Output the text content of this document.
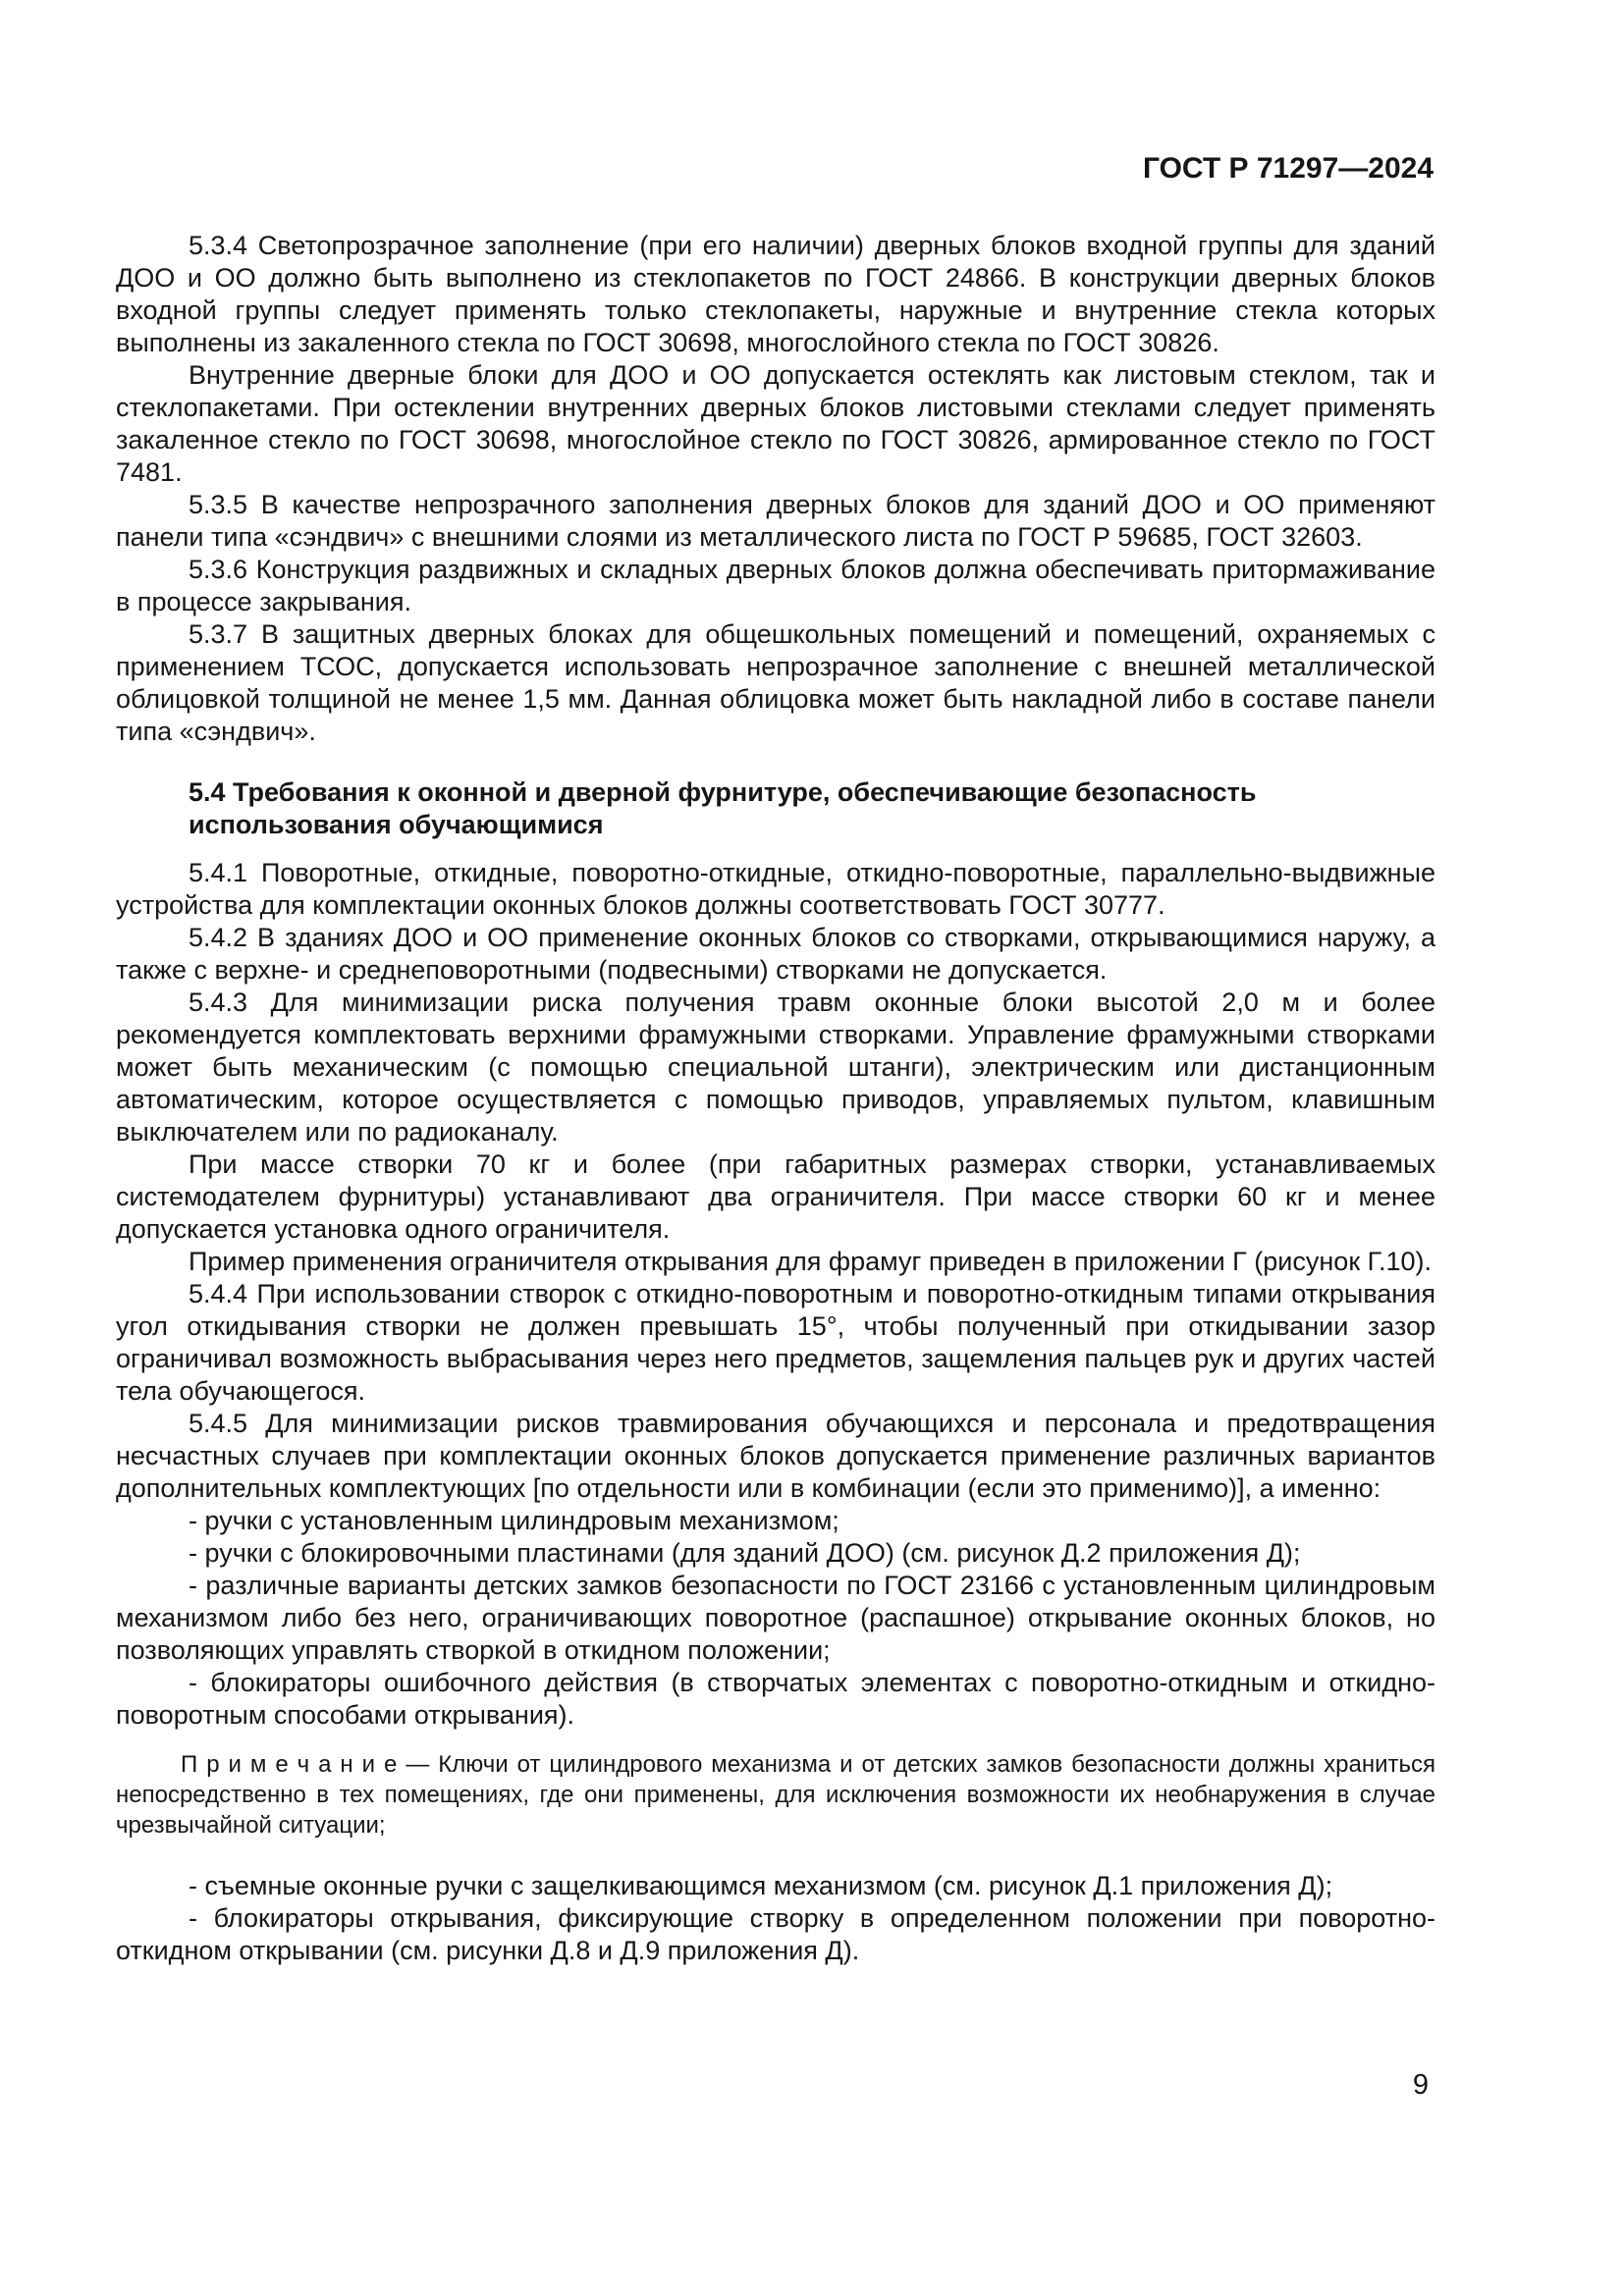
ГОСТ Р 71297—2024

5.3.4 Светопрозрачное заполнение (при его наличии) дверных блоков входной группы для зданий ДОО и ОО должно быть выполнено из стеклопакетов по ГОСТ 24866. В конструкции дверных блоков входной группы следует применять только стеклопакеты, наружные и внутренние стекла которых выполнены из закаленного стекла по ГОСТ 30698, многослойного стекла по ГОСТ 30826.

Внутренние дверные блоки для ДОО и ОО допускается остеклять как листовым стеклом, так и стеклопакетами. При остеклении внутренних дверных блоков листовыми стеклами следует применять закаленное стекло по ГОСТ 30698, многослойное стекло по ГОСТ 30826, армированное стекло по ГОСТ 7481.

5.3.5 В качестве непрозрачного заполнения дверных блоков для зданий ДОО и ОО применяют панели типа «сэндвич» с внешними слоями из металлического листа по ГОСТ Р 59685, ГОСТ 32603.

5.3.6 Конструкция раздвижных и складных дверных блоков должна обеспечивать притормаживание в процессе закрывания.

5.3.7 В защитных дверных блоках для общешкольных помещений и помещений, охраняемых с применением ТСОС, допускается использовать непрозрачное заполнение с внешней металлической облицовкой толщиной не менее 1,5 мм. Данная облицовка может быть накладной либо в составе панели типа «сэндвич».

5.4 Требования к оконной и дверной фурнитуре, обеспечивающие безопасность использования обучающимися

5.4.1 Поворотные, откидные, поворотно-откидные, откидно-поворотные, параллельно-выдвижные устройства для комплектации оконных блоков должны соответствовать ГОСТ 30777.

5.4.2 В зданиях ДОО и ОО применение оконных блоков со створками, открывающимися наружу, а также с верхне- и среднеповоротными (подвесными) створками не допускается.

5.4.3 Для минимизации риска получения травм оконные блоки высотой 2,0 м и более рекомендуется комплектовать верхними фрамужными створками. Управление фрамужными створками может быть механическим (с помощью специальной штанги), электрическим или дистанционным автоматическим, которое осуществляется с помощью приводов, управляемых пультом, клавишным выключателем или по радиоканалу.

При массе створки 70 кг и более (при габаритных размерах створки, устанавливаемых системодателем фурнитуры) устанавливают два ограничителя. При массе створки 60 кг и менее допускается установка одного ограничителя.

Пример применения ограничителя открывания для фрамуг приведен в приложении Г (рисунок Г.10).

5.4.4 При использовании створок с откидно-поворотным и поворотно-откидным типами открывания угол откидывания створки не должен превышать 15°, чтобы полученный при откидывании зазор ограничивал возможность выбрасывания через него предметов, защемления пальцев рук и других частей тела обучающегося.

5.4.5 Для минимизации рисков травмирования обучающихся и персонала и предотвращения несчастных случаев при комплектации оконных блоков допускается применение различных вариантов дополнительных комплектующих [по отдельности или в комбинации (если это применимо)], а именно:

- ручки с установленным цилиндровым механизмом;

- ручки с блокировочными пластинами (для зданий ДОО) (см. рисунок Д.2 приложения Д);

- различные варианты детских замков безопасности по ГОСТ 23166 с установленным цилиндровым механизмом либо без него, ограничивающих поворотное (распашное) открывание оконных блоков, но позволяющих управлять створкой в откидном положении;

- блокираторы ошибочного действия (в створчатых элементах с поворотно-откидным и откидно-поворотным способами открывания).

П р и м е ч а н и е — Ключи от цилиндрового механизма и от детских замков безопасности должны храниться непосредственно в тех помещениях, где они применены, для исключения возможности их необнаружения в случае чрезвычайной ситуации;

- съемные оконные ручки с защелкивающимся механизмом (см. рисунок Д.1 приложения Д);

- блокираторы открывания, фиксирующие створку в определенном положении при поворотно-откидном открывании (см. рисунки Д.8 и Д.9 приложения Д).

9
